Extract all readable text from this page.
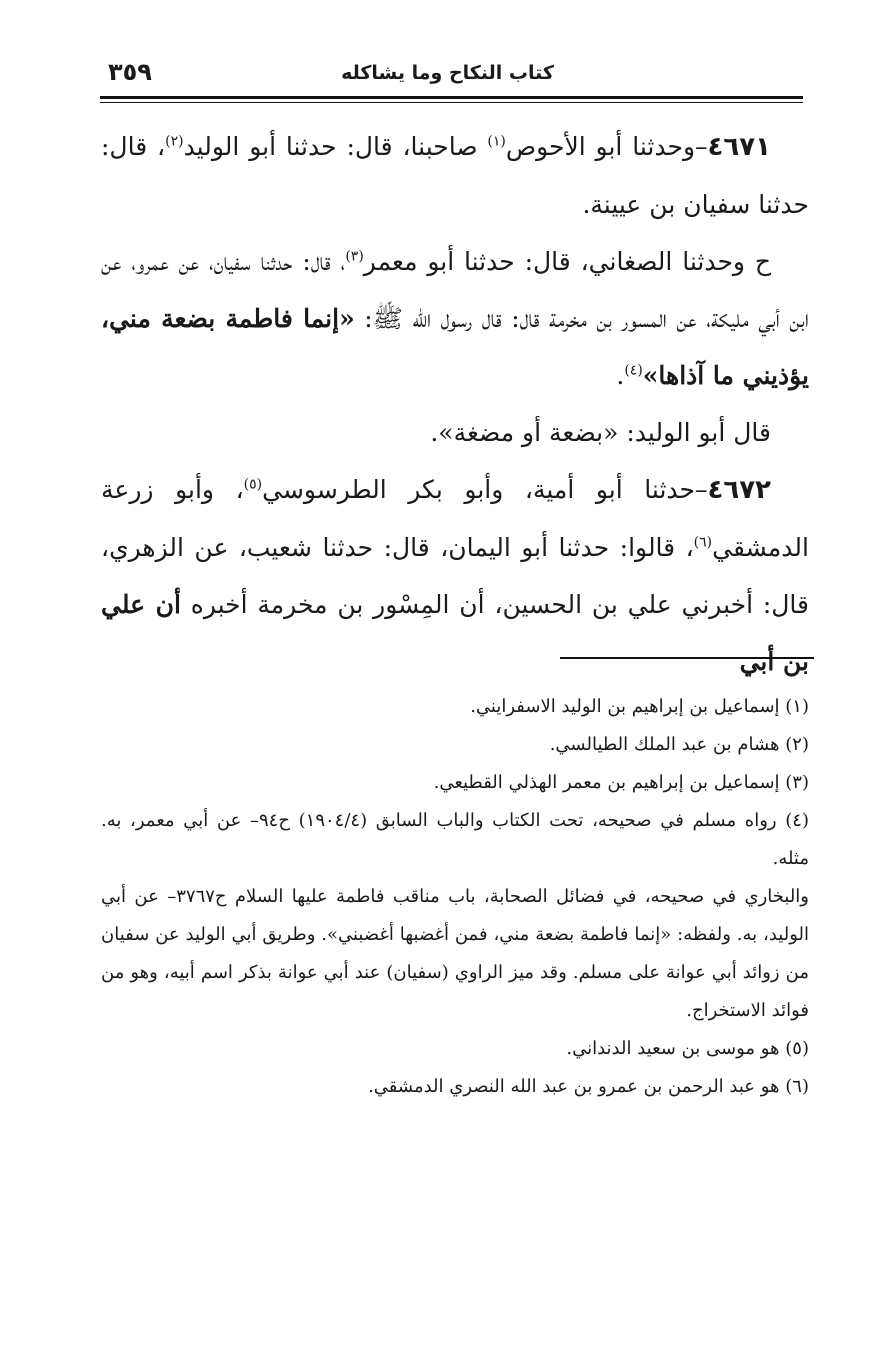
كتاب النكاح وما يشاكله
٣٥٩

٤٦٧١–وحدثنا أبو الأحوص$^{(١)}$ صاحبنا، قال: حدثنا أبو الوليد$^{(٢)}$، قال: حدثنا سفيان بن عيينة.

ح وحدثنا الصغاني، قال: حدثنا أبو معمر$^{(٣)}$، قال: حدثنا سفيان، عن عمرو، عن ابن أبي مليكة، عن المسور بن مخرمة قال: قال رسول الله ﷺ: «إنما فاطمة بضعة مني، يؤذيني ما آذاها»$^{(٤)}$.

قال أبو الوليد: «بضعة أو مضغة».

٤٦٧٢–حدثنا أبو أمية، وأبو بكر الطرسوسي$^{(٥)}$، وأبو زرعة الدمشقي$^{(٦)}$، قالوا: حدثنا أبو اليمان، قال: حدثنا شعيب، عن الزهري، قال: أخبرني علي بن الحسين، أن المِسْور بن مخرمة أخبره أن علي بن أبي

(١) إسماعيل بن إبراهيم بن الوليد الاسفرايني.

(٢) هشام بن عبد الملك الطيالسي.

(٣) إسماعيل بن إبراهيم بن معمر الهذلي القطيعي.

(٤) رواه مسلم في صحيحه، تحت الكتاب والباب السابق (١٩٠٤/٤) ح٩٤– عن أبي معمر، به. مثله.

والبخاري في صحيحه، في فضائل الصحابة، باب مناقب فاطمة عليها السلام ح٣٧٦٧– عن أبي الوليد، به. ولفظه: «إنما فاطمة بضعة مني، فمن أغضبها أغضبني». وطريق أبي الوليد عن سفيان من زوائد أبي عوانة على مسلم. وقد ميز الراوي (سفيان) عند أبي عوانة بذكر اسم أبيه، وهو من فوائد الاستخراج.

(٥) هو موسى بن سعيد الدنداني.

(٦) هو عبد الرحمن بن عمرو بن عبد الله النصري الدمشقي.
